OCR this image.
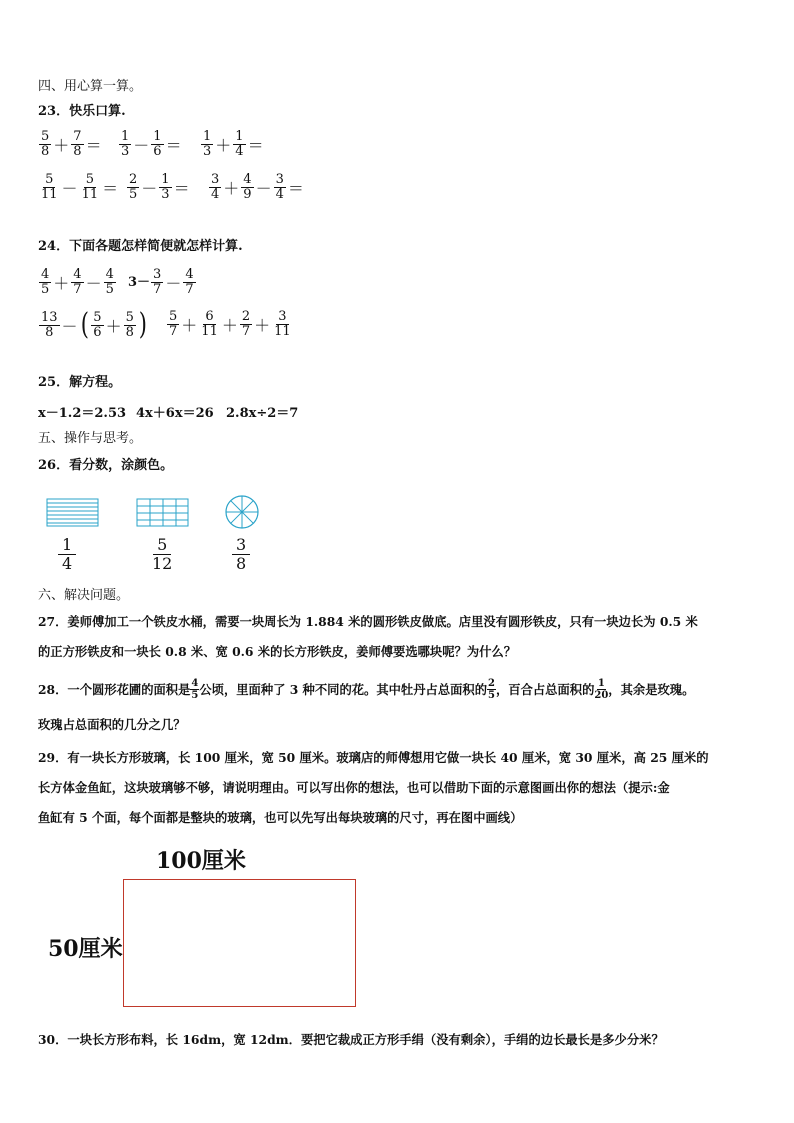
四、用心算一算。
23．快乐口算.
$\frac{5}{8} + \frac{7}{8} = \frac{1}{3} - \frac{1}{6} = \frac{1}{3} + \frac{1}{4}$ ＝
$\frac{5}{11} - \frac{5}{11} = \frac{2}{5} - \frac{1}{3} = \frac{3}{4} + \frac{4}{9} - \frac{3}{4}$ ＝
24．下面各题怎样简便就怎样计算.
$\frac{4}{5} + \frac{4}{7} - \frac{4}{5} 3- \frac{3}{7} - \frac{4}{7}$
$\frac{13}{8}$ － ( $\frac{5}{6} + \frac{5}{8}$ ) $\frac{5}{7} + \frac{6}{11} + \frac{2}{7} + \frac{3}{11}$
25．解方程。
x－1.2＝2.53 4x＋6x＝26 2.8x÷2＝7
五、操作与思考。
26．看分数，涂颜色。
1
4
5
12
3
8
六、解决问题。
27．姜师傅加工一个铁皮水桶，需要一块周长为 1.884 米的圆形铁皮做底。店里没有圆形铁皮，只有一块边长为 0.5 米
的正方形铁皮和一块长 0.8 米、宽 0.6 米的长方形铁皮，姜师傅要选哪块呢？为什么？
28．一个圆形花圃的面积是 4
5 公顷，里面种了 3 种不同的花。其中牡丹占总面积的 2
5 ，百合占总面积的 1
20 ，其余是玫瑰。
玫瑰占总面积的几分之几？
29．有一块长方形玻璃，长 100 厘米，宽 50 厘米。玻璃店的师傅想用它做一块长 40 厘米，宽 30 厘米，高 25 厘米的
长方体金鱼缸，这块玻璃够不够，请说明理由。可以写出你的想法，也可以借助下面的示意图画出你的想法（提示:金
鱼缸有 5 个面，每个面都是整块的玻璃，也可以先写出每块玻璃的尺寸，再在图中画线）
100厘米
50厘米
30．一块长方形布料，长 16dm，宽 12dm．要把它裁成正方形手绢（没有剩余），手绢的边长最长是多少分米？
